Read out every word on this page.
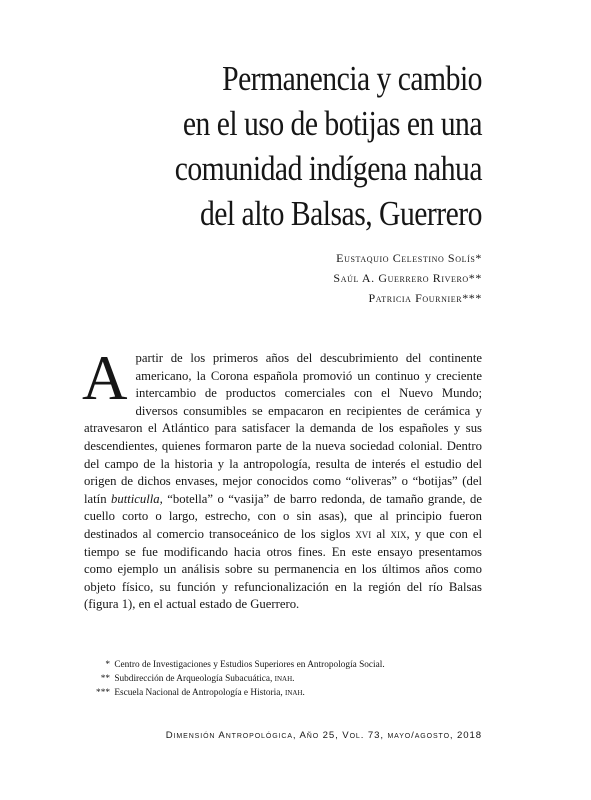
Permanencia y cambio
en el uso de botijas en una
comunidad indígena nahua
del alto Balsas, Guerrero
Eustaquio Celestino Solís*
Saúl A. Guerrero Rivero**
Patricia Fournier***
Apartir de los primeros años del descubrimiento del continente americano, la Corona española promovió un continuo y creciente intercambio de productos comerciales con el Nuevo Mundo; diversos consumibles se empacaron en recipientes de cerámica y atravesaron el Atlántico para satisfacer la demanda de los españoles y sus descendientes, quienes formaron parte de la nueva sociedad colonial. Dentro del campo de la historia y la antropología, resulta de interés el estudio del origen de dichos envases, mejor conocidos como “oliveras” o “botijas” (del latín butticulla, “botella” o “vasija” de barro redonda, de tamaño grande, de cuello corto o largo, estrecho, con o sin asas), que al principio fueron destinados al comercio transoceánico de los siglos xvi al xix, y que con el tiempo se fue modificando hacia otros fines. En este ensayo presentamos como ejemplo un análisis sobre su permanencia en los últimos años como objeto físico, su función y refuncionalización en la región del río Balsas (figura 1), en el actual estado de Guerrero.
* Centro de Investigaciones y Estudios Superiores en Antropología Social.
** Subdirección de Arqueología Subacuática, inah.
*** Escuela Nacional de Antropología e Historia, inah.
Dimensión Antropológica, Año 25, Vol. 73, mayo/agosto, 2018
